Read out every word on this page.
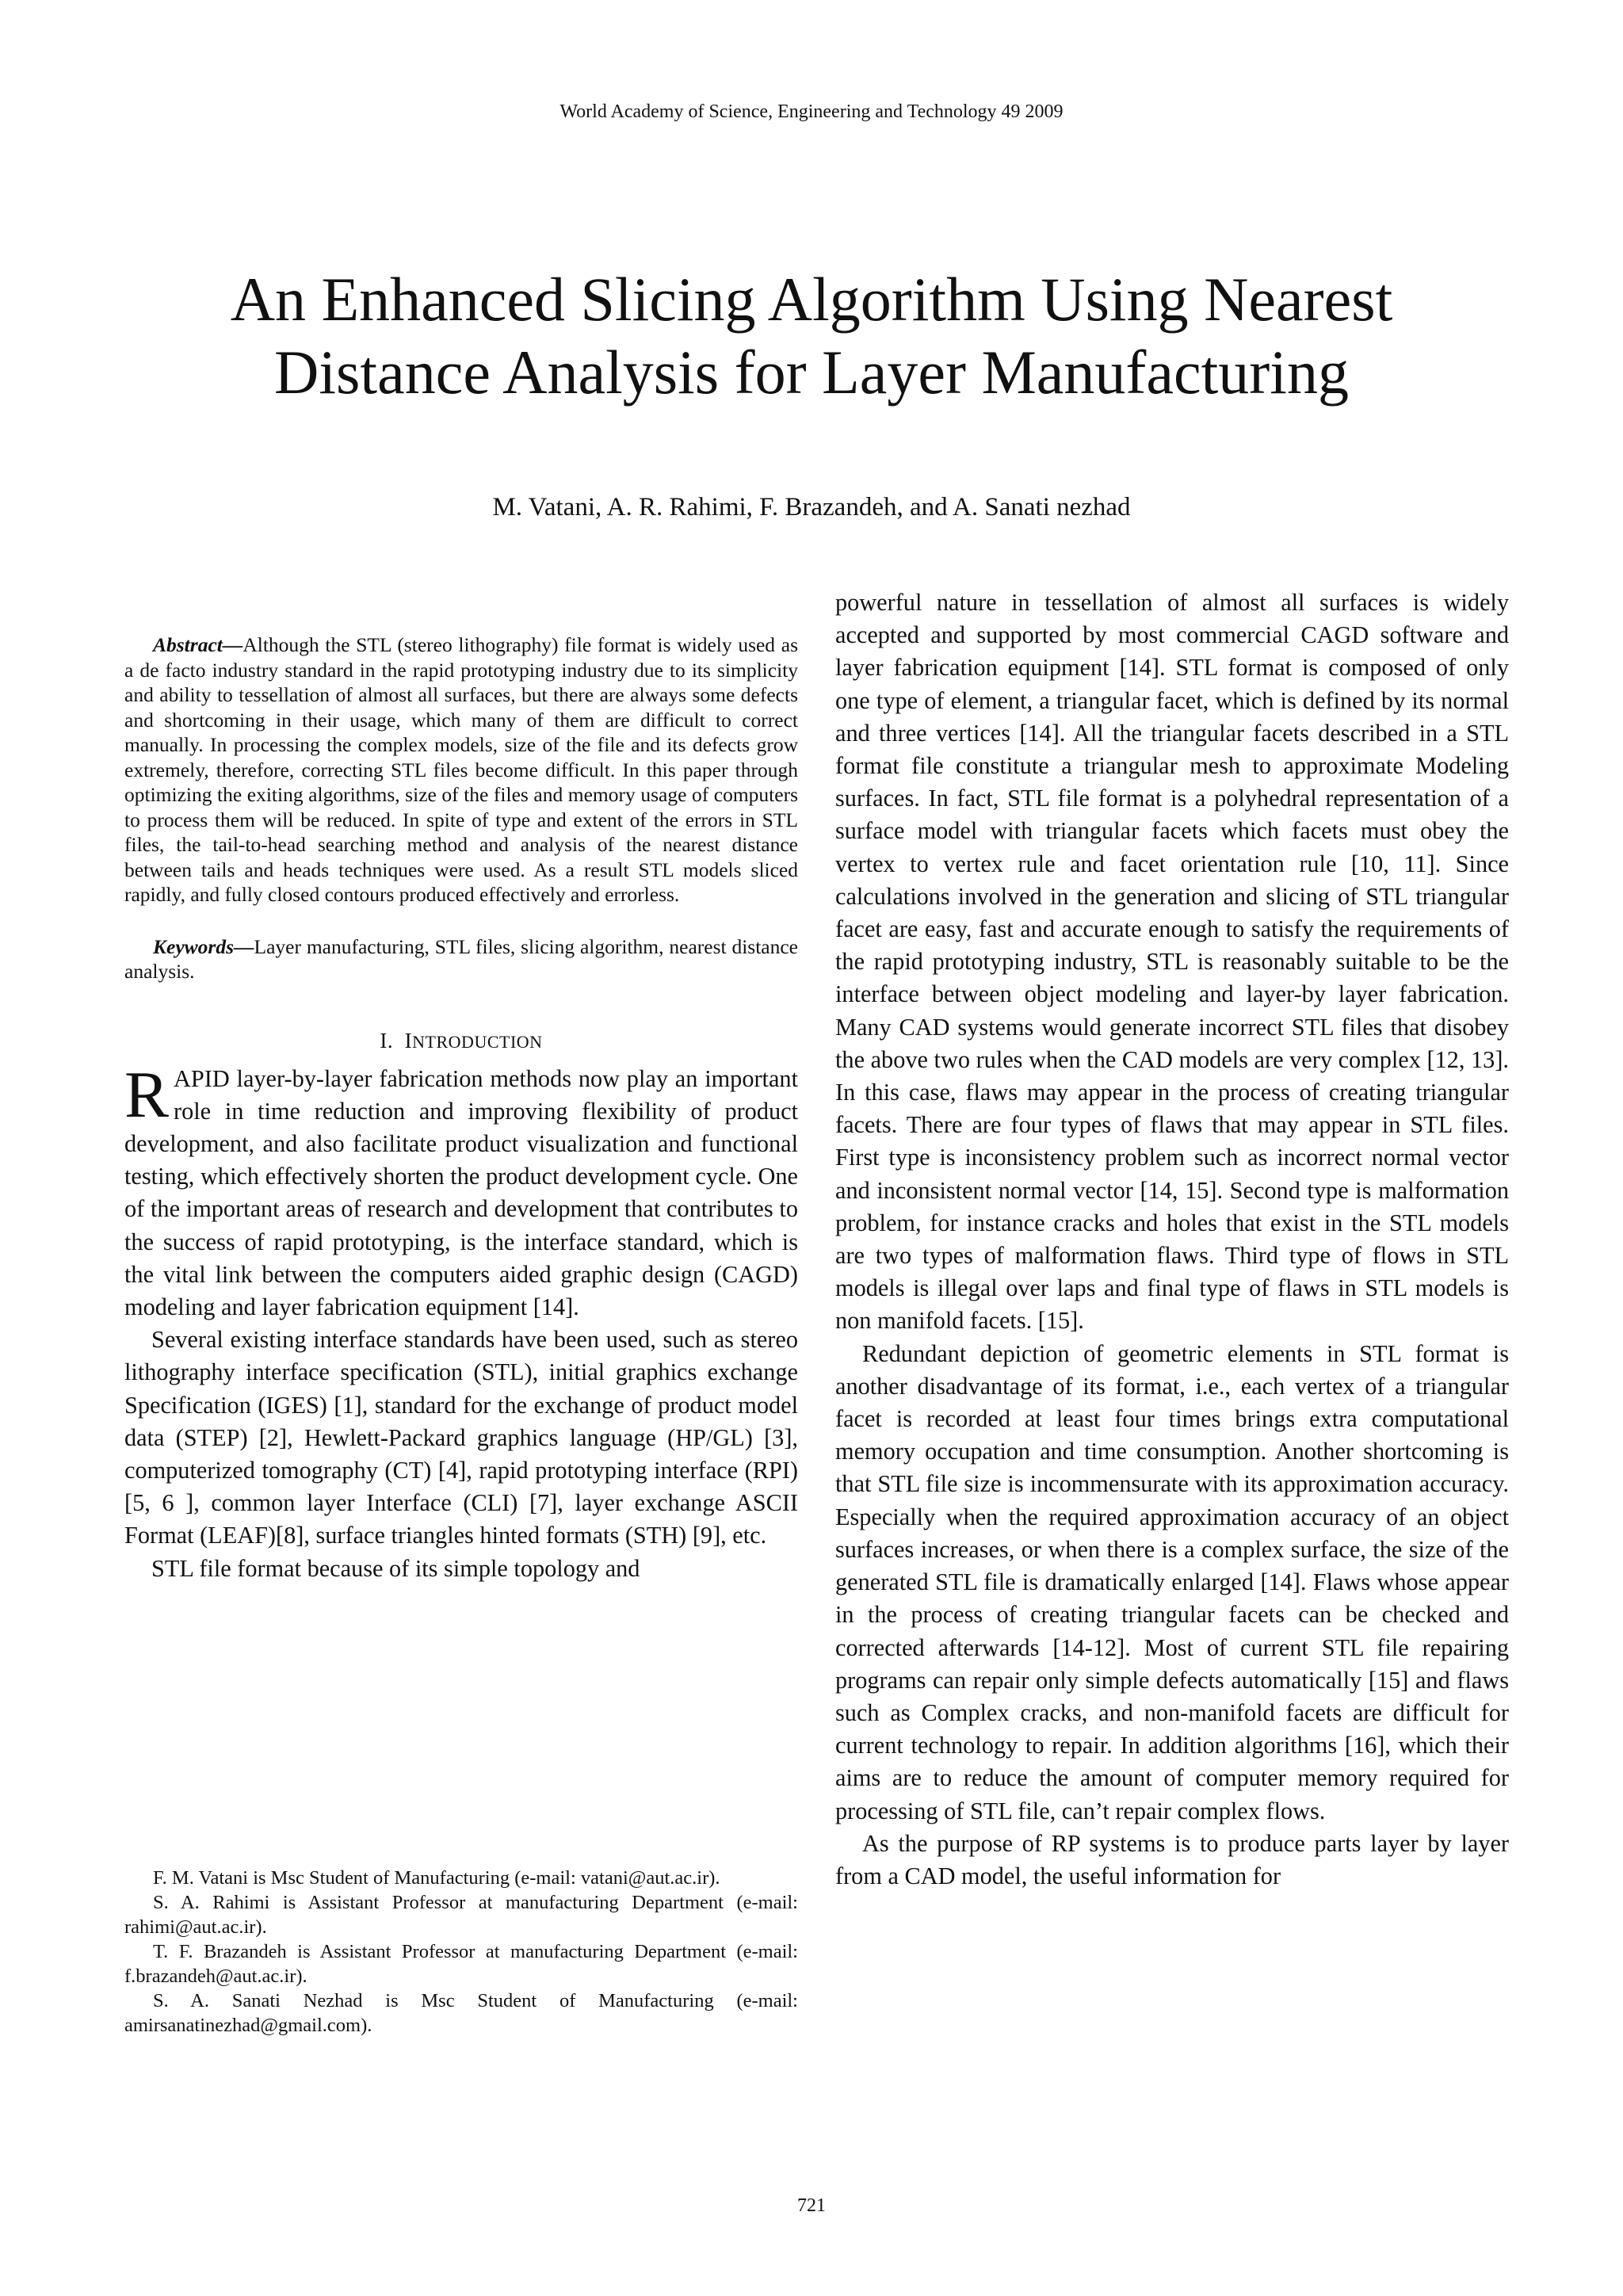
World Academy of Science, Engineering and Technology 49 2009
An Enhanced Slicing Algorithm Using Nearest
Distance Analysis for Layer Manufacturing
M. Vatani, A. R. Rahimi, F. Brazandeh, and A. Sanati nezhad

Abstract—Although the STL (stereo lithography) file format is widely used as a de facto industry standard in the rapid prototyping industry due to its simplicity and ability to tessellation of almost all surfaces, but there are always some defects and shortcoming in their usage, which many of them are difficult to correct manually. In processing the complex models, size of the file and its defects grow extremely, therefore, correcting STL files become difficult. In this paper through optimizing the exiting algorithms, size of the files and memory usage of computers to process them will be reduced. In spite of type and extent of the errors in STL files, the tail-to-head searching method and analysis of the nearest distance between tails and heads techniques were used. As a result STL models sliced rapidly, and fully closed contours produced effectively and errorless.

Keywords—Layer manufacturing, STL files, slicing algorithm, nearest distance analysis.

I. INTRODUCTION

RAPID layer-by-layer fabrication methods now play an important role in time reduction and improving flexibility of product development, and also facilitate product visualization and functional testing, which effectively shorten the product development cycle. One of the important areas of research and development that contributes to the success of rapid prototyping, is the interface standard, which is the vital link between the computers aided graphic design (CAGD) modeling and layer fabrication equipment [14].

Several existing interface standards have been used, such as stereo lithography interface specification (STL), initial graphics exchange Specification (IGES) [1], standard for the exchange of product model data (STEP) [2], Hewlett-Packard graphics language (HP/GL) [3], computerized tomography (CT) [4], rapid prototyping interface (RPI) [5, 6 ], common layer Interface (CLI) [7], layer exchange ASCII Format (LEAF)[8], surface triangles hinted formats (STH) [9], etc.

STL file format because of its simple topology and

F. M. Vatani is Msc Student of Manufacturing (e-mail: vatani@aut.ac.ir).

S. A. Rahimi is Assistant Professor at manufacturing Department (e-mail: rahimi@aut.ac.ir).

T. F. Brazandeh is Assistant Professor at manufacturing Department (e-mail: f.brazandeh@aut.ac.ir).

S. A. Sanati Nezhad is Msc Student of Manufacturing (e-mail: amirsanatinezhad@gmail.com).

powerful nature in tessellation of almost all surfaces is widely accepted and supported by most commercial CAGD software and layer fabrication equipment [14]. STL format is composed of only one type of element, a triangular facet, which is defined by its normal and three vertices [14]. All the triangular facets described in a STL format file constitute a triangular mesh to approximate Modeling surfaces. In fact, STL file format is a polyhedral representation of a surface model with triangular facets which facets must obey the vertex to vertex rule and facet orientation rule [10, 11]. Since calculations involved in the generation and slicing of STL triangular facet are easy, fast and accurate enough to satisfy the requirements of the rapid prototyping industry, STL is reasonably suitable to be the interface between object modeling and layer-by layer fabrication. Many CAD systems would generate incorrect STL files that disobey the above two rules when the CAD models are very complex [12, 13]. In this case, flaws may appear in the process of creating triangular facets. There are four types of flaws that may appear in STL files. First type is inconsistency problem such as incorrect normal vector and inconsistent normal vector [14, 15]. Second type is malformation problem, for instance cracks and holes that exist in the STL models are two types of malformation flaws. Third type of flows in STL models is illegal over laps and final type of flaws in STL models is non manifold facets. [15].

Redundant depiction of geometric elements in STL format is another disadvantage of its format, i.e., each vertex of a triangular facet is recorded at least four times brings extra computational memory occupation and time consumption. Another shortcoming is that STL file size is incommensurate with its approximation accuracy. Especially when the required approximation accuracy of an object surfaces increases, or when there is a complex surface, the size of the generated STL file is dramatically enlarged [14]. Flaws whose appear in the process of creating triangular facets can be checked and corrected afterwards [14-12]. Most of current STL file repairing programs can repair only simple defects automatically [15] and flaws such as Complex cracks, and non-manifold facets are difficult for current technology to repair. In addition algorithms [16], which their aims are to reduce the amount of computer memory required for processing of STL file, can’t repair complex flows.

As the purpose of RP systems is to produce parts layer by layer from a CAD model, the useful information for

721
